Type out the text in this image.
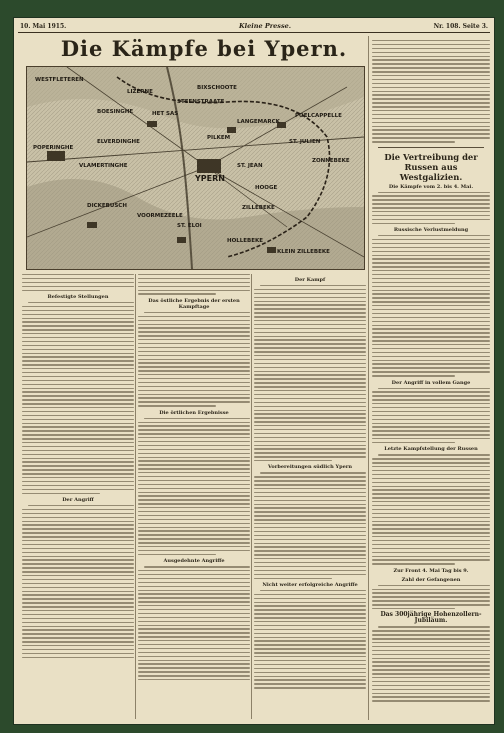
10. Mai 1915.	Kleine Presse.	Nr. 108. Seite 3.
Die Kämpfe bei Ypern.
WESTFLETEREN
LIZERNE
BIXSCHOOTE
STEENSTRAATE
HET SAS
BOESINGHE
LANGEMARCK
POELCAPPELLE
PILKEM
POPERINGHE
VLAMERTINGHE
ELVERDINGHE	ST. JULIEN
YPERN
ST. JEAN
ZONNEBEKE
HOOGE
ZILLEBEKE
ST. ELOI
DICKEBUSCH
VOORMEZEELE
HOLLEBEKE
KLEIN ZILLEBEKE
Befestigte Stellungen
Der Angriff
Das östliche Ergebnis der ersten Kampftage
Die örtlichen Ergebnisse
Ausgedehnte Angriffe
Der Kampf
Vorbereitungen südlich Ypern
Nicht weiter erfolgreiche Angriffe
Die Vertreibung der Russen aus Westgalizien.
Die Kämpfe vom 2. bis 4. Mai.
Russische Verlustmeldung
Der Angriff in vollem Gange
Letzte Kampfstellung der Russen
Zur Front 4. Mai Tag bis 9.
Zahl der Gefangenen
Das 300jährige Hohenzollern-Jubiläum.
